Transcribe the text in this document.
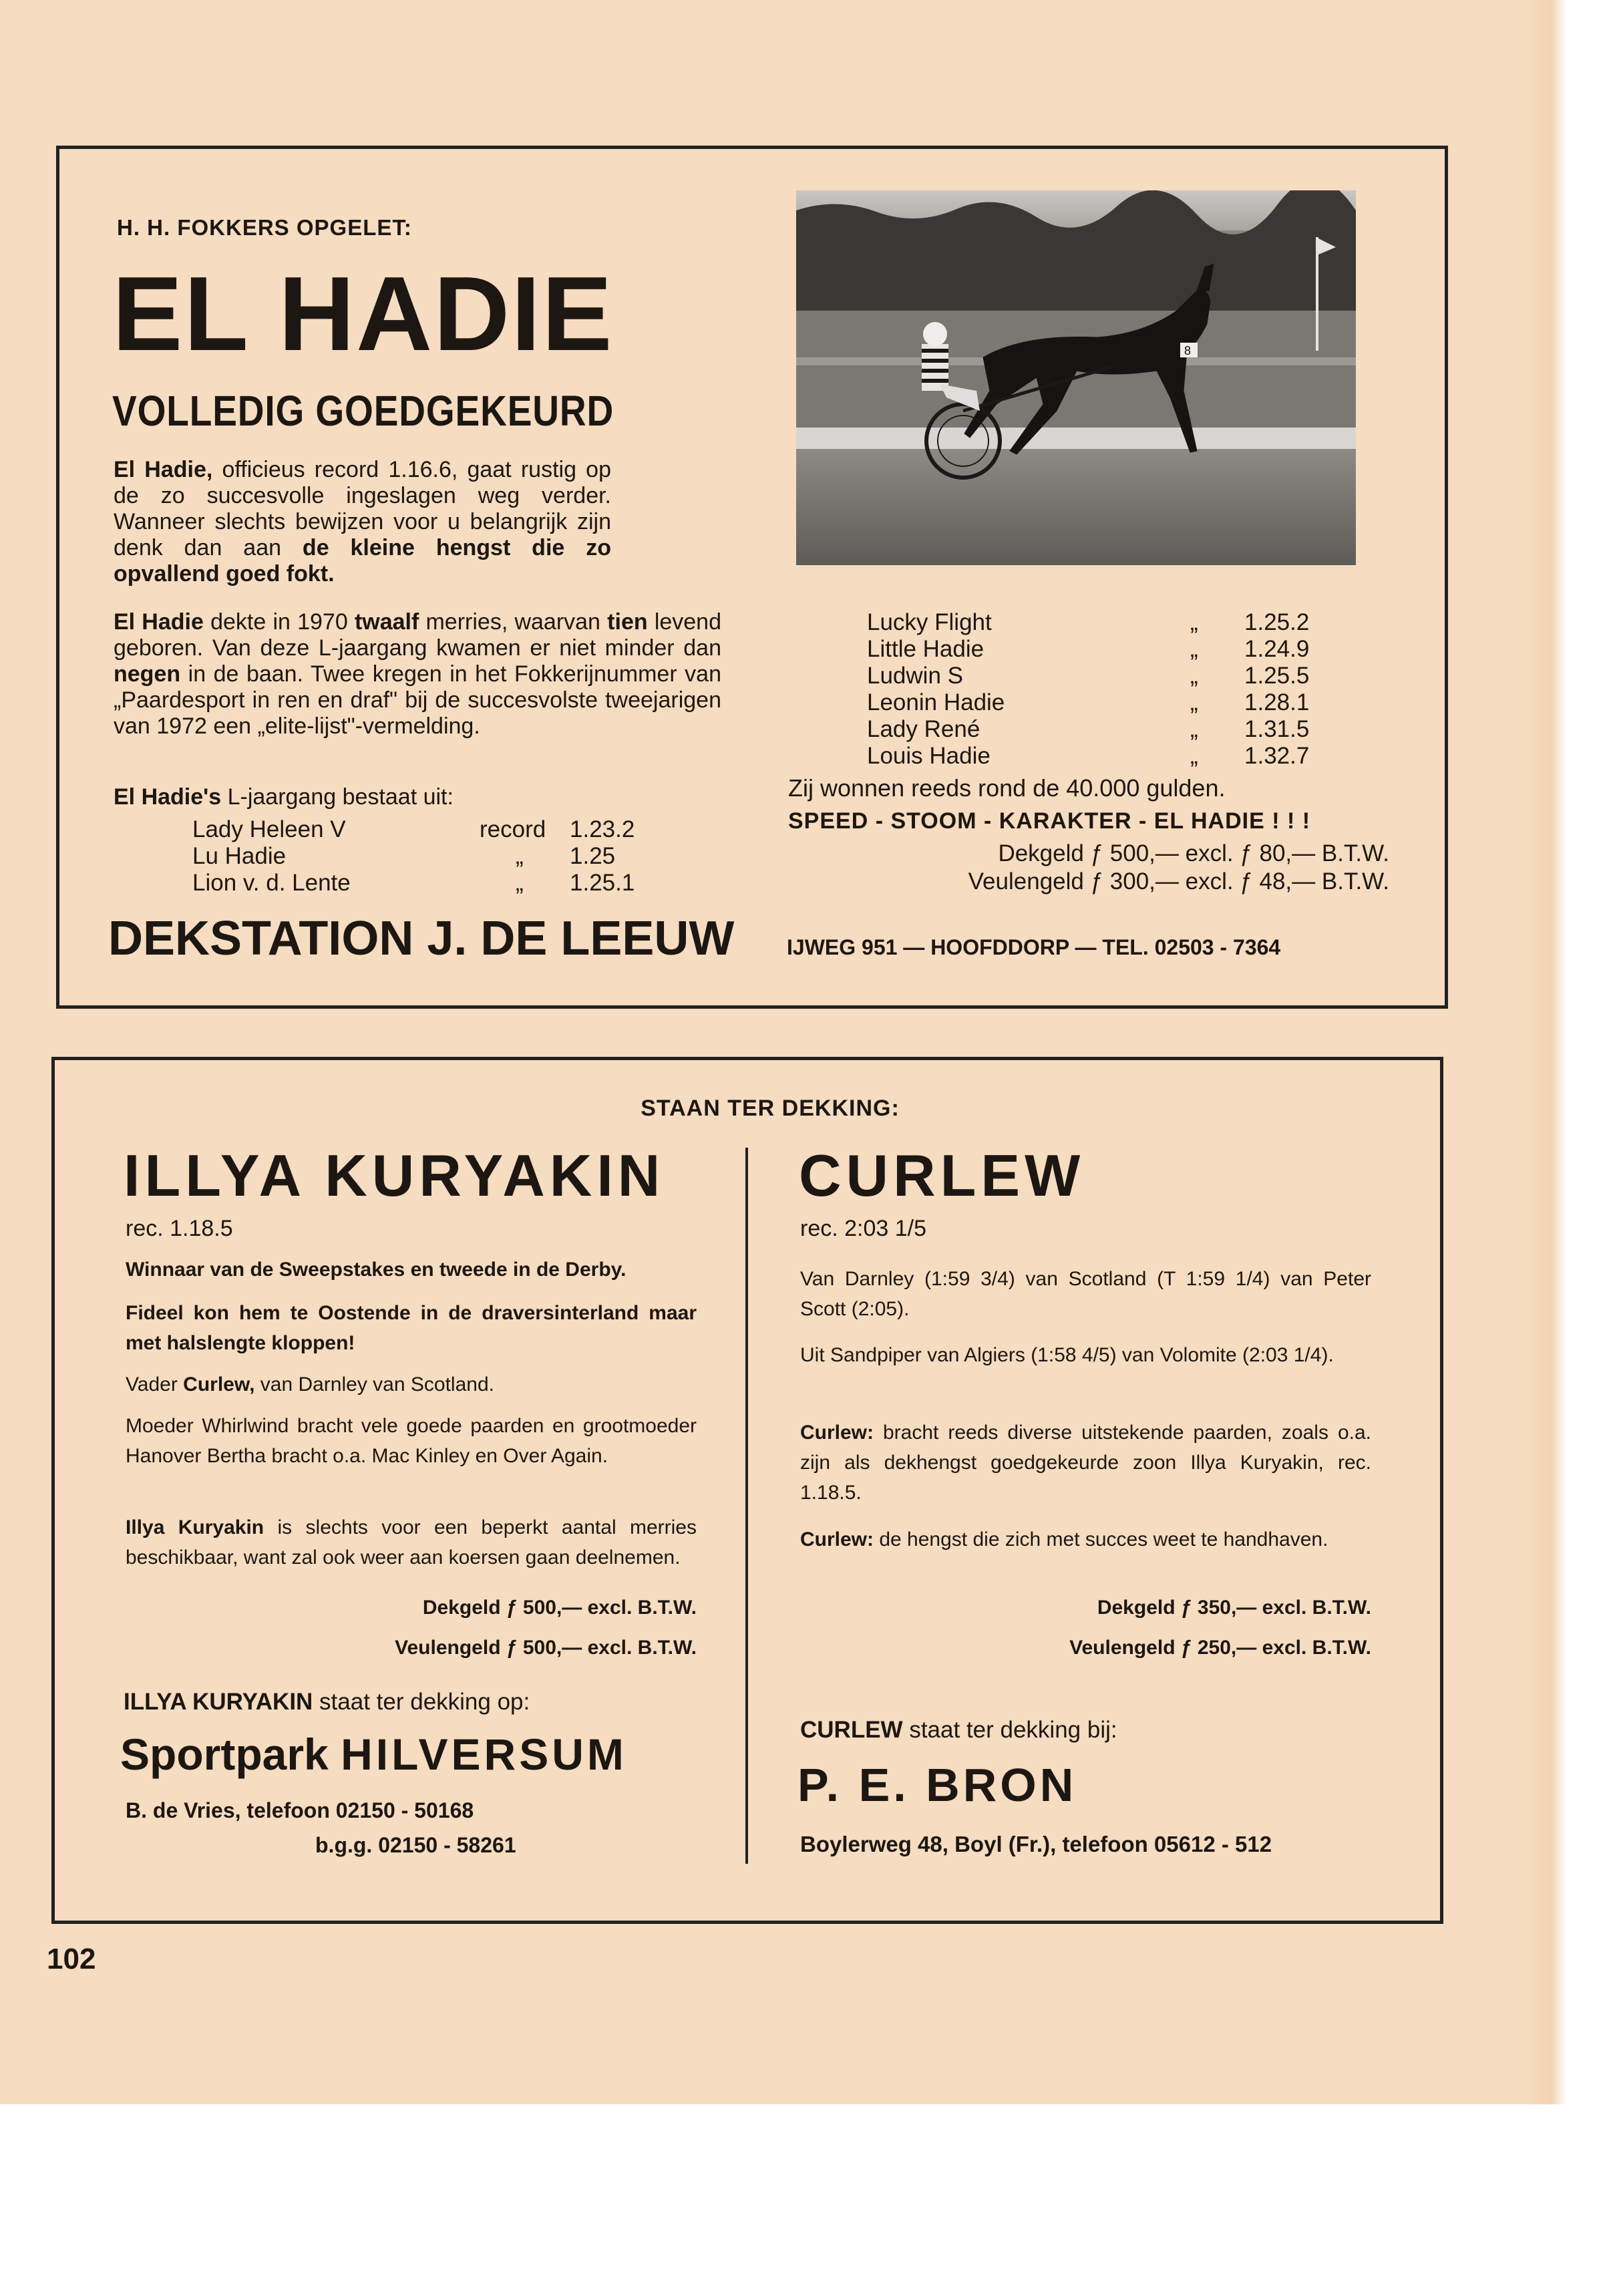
H. H. FOKKERS OPGELET:
EL HADIE
VOLLEDIG GOEDGEKEURD

El Hadie, officieus record 1.16.6, gaat rustig op de zo succesvolle ingeslagen weg verder. Wanneer slechts bewijzen voor u belangrijk zijn denk dan aan de kleine hengst die zo opvallend goed fokt.

El Hadie dekte in 1970 twaalf merries, waarvan tien levend geboren. Van deze L-jaargang kwamen er niet minder dan negen in de baan. Twee kregen in het Fokkerijnummer van „Paardesport in ren en draf" bij de succesvolste tweejarigen van 1972 een „elite-lijst"-vermelding.

El Hadie's L-jaargang bestaat uit:

Lady Heleen V	record 1.23.2
Lu Hadie	„ 1.25
Lion v. d. Lente	„ 1.25.1
8
Lucky Flight	„ 1.25.2
Little Hadie	„ 1.24.9
Ludwin S	„ 1.25.5
Leonin Hadie	„ 1.28.1
Lady René	„ 1.31.5
Louis Hadie	„ 1.32.7
Zij wonnen reeds rond de 40.000 gulden.
SPEED - STOOM - KARAKTER - EL HADIE ! ! !
Dekgeld ƒ 500,— excl. ƒ 80,— B.T.W.
Veulengeld ƒ 300,— excl. ƒ 48,— B.T.W.
DEKSTATION J. DE LEEUW IJWEG 951 — HOOFDDORP — TEL. 02503 - 7364
STAAN TER DEKKING:
ILLYA KURYAKIN
rec. 1.18.5

Winnaar van de Sweepstakes en tweede in de Derby.

Fideel kon hem te Oostende in de draversinterland maar met halslengte kloppen!

Vader Curlew, van Darnley van Scotland.

Moeder Whirlwind bracht vele goede paarden en grootmoeder Hanover Bertha bracht o.a. Mac Kinley en Over Again.

Illya Kuryakin is slechts voor een beperkt aantal merries beschikbaar, want zal ook weer aan koersen gaan deelnemen.

Dekgeld ƒ 500,— excl. B.T.W.
Veulengeld ƒ 500,— excl. B.T.W.
ILLYA KURYAKIN staat ter dekking op:
Sportpark HILVERSUM
B. de Vries, telefoon 02150 - 50168
b.g.g. 02150 - 58261
CURLEW
rec. 2:03 1/5

Van Darnley (1:59 3/4) van Scotland (T 1:59 1/4) van Peter Scott (2:05).

Uit Sandpiper van Algiers (1:58 4/5) van Volomite (2:03 1/4).

Curlew: bracht reeds diverse uitstekende paarden, zoals o.a. zijn als dekhengst goedgekeurde zoon Illya Kuryakin, rec. 1.18.5.

Curlew: de hengst die zich met succes weet te handhaven.

Dekgeld ƒ 350,— excl. B.T.W.
Veulengeld ƒ 250,— excl. B.T.W.
CURLEW staat ter dekking bij:
P. E. BRON
Boylerweg 48, Boyl (Fr.), telefoon 05612 - 512
102
